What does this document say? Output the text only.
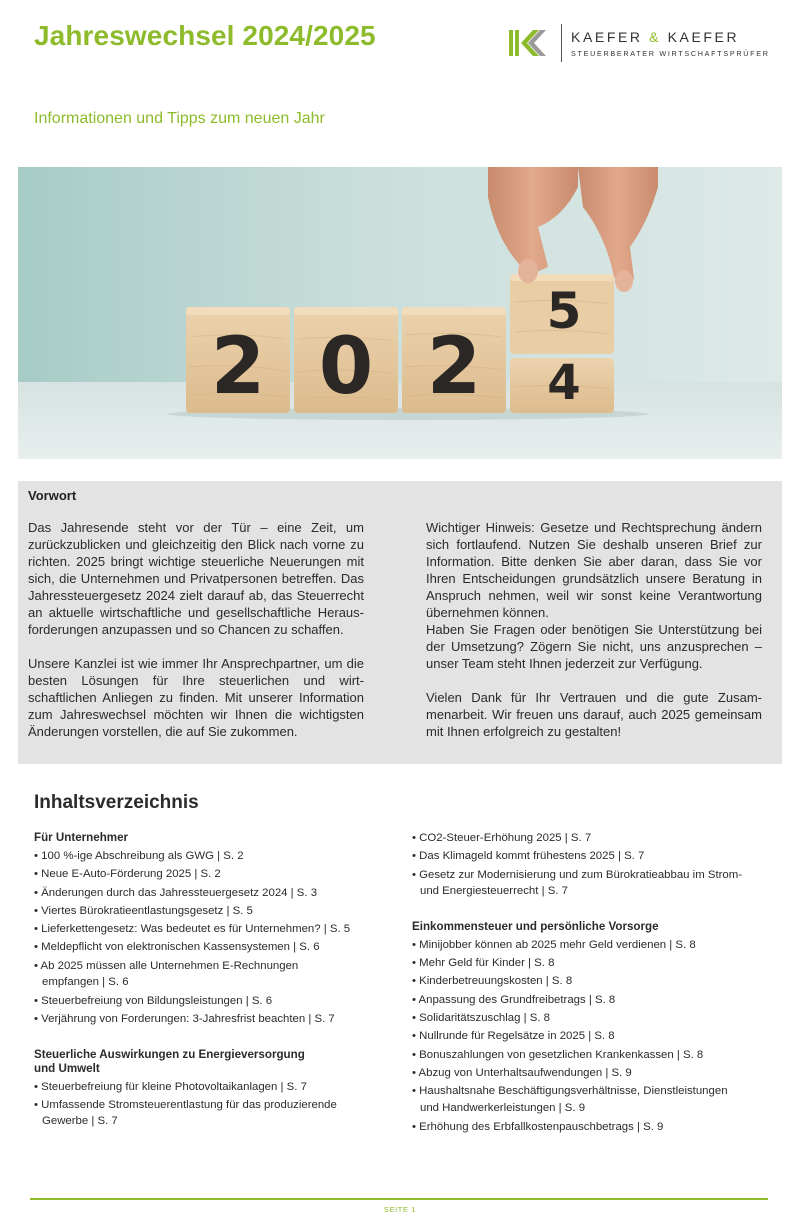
Jahreswechsel 2024/2025
Informationen und Tipps zum neuen Jahr
KAEFER & KAEFER
STEUERBERATER WIRTSCHAFTSPRÜFER
2 0 2
5
4
Vorwort

Das Jahresende steht vor der Tür – eine Zeit, um zurückzublicken und gleichzeitig den Blick nach vorne zu richten. 2025 bringt wichtige steuerliche Neuerungen mit sich, die Unternehmen und Privatpersonen betreffen. Das Jahressteuergesetz 2024 zielt darauf ab, das Steuerrecht an aktuelle wirtschaftliche und gesellschaftliche Herausforderungen anzupassen und so Chancen zu schaffen.

Unsere Kanzlei ist wie immer Ihr Ansprechpartner, um die besten Lösungen für Ihre steuerlichen und wirtschaftlichen Anliegen zu finden. Mit unserer Information zum Jahreswechsel möchten wir Ihnen die wichtigsten Änderungen vorstellen, die auf Sie zukommen.

Wichtiger Hinweis: Gesetze und Rechtsprechung ändern sich fortlaufend. Nutzen Sie deshalb unseren Brief zur Information. Bitte denken Sie aber daran, dass Sie vor Ihren Entscheidungen grundsätzlich unsere Beratung in Anspruch nehmen, weil wir sonst keine Verantwortung übernehmen können.

Haben Sie Fragen oder benötigen Sie Unterstützung bei der Umsetzung? Zögern Sie nicht, uns anzusprechen – unser Team steht Ihnen jederzeit zur Verfügung.

Vielen Dank für Ihr Vertrauen und die gute Zusammenarbeit. Wir freuen uns darauf, auch 2025 gemeinsam mit Ihnen erfolgreich zu gestalten!

Inhaltsverzeichnis
Für Unternehmer
• 100 %-ige Abschreibung als GWG | S. 2
• Neue E-Auto-Förderung 2025 | S. 2
• Änderungen durch das Jahressteuergesetz 2024 | S. 3
• Viertes Bürokratieentlastungsgesetz | S. 5
• Lieferkettengesetz: Was bedeutet es für Unternehmen? | S. 5
• Meldepflicht von elektronischen Kassensystemen | S. 6
• Ab 2025 müssen alle Unternehmen E-Rechnungen
empfangen | S. 6
• Steuerbefreiung von Bildungsleistungen | S. 6
• Verjährung von Forderungen: 3-Jahresfrist beachten | S. 7
Steuerliche Auswirkungen zu Energieversorgung
und Umwelt
• Steuerbefreiung für kleine Photovoltaikanlagen | S. 7
• Umfassende Stromsteuerentlastung für das produzierende
Gewerbe | S. 7
• CO2-Steuer-Erhöhung 2025 | S. 7
• Das Klimageld kommt frühestens 2025 | S. 7
• Gesetz zur Modernisierung und zum Bürokratieabbau im Strom-
und Energiesteuerrecht | S. 7
Einkommensteuer und persönliche Vorsorge
• Minijobber können ab 2025 mehr Geld verdienen | S. 8
• Mehr Geld für Kinder | S. 8
• Kinderbetreuungskosten | S. 8
• Anpassung des Grundfreibetrags | S. 8
• Solidaritätszuschlag | S. 8
• Nullrunde für Regelsätze in 2025 | S. 8
• Bonuszahlungen von gesetzlichen Krankenkassen | S. 8
• Abzug von Unterhaltsaufwendungen | S. 9
• Haushaltsnahe Beschäftigungsverhältnisse, Dienstleistungen
und Handwerkerleistungen | S. 9
• Erhöhung des Erbfallkostenpauschbetrags | S. 9
SEITE 1
